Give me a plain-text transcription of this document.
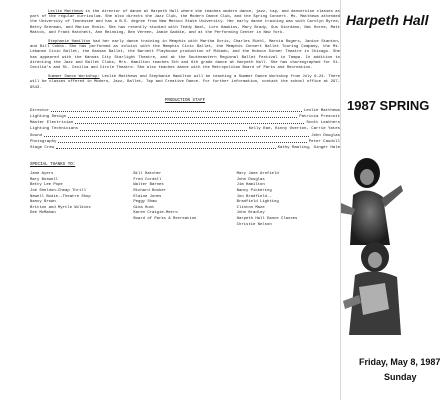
Leslie Matthews is the director of dance at Harpeth Hall where she teaches modern dance, jazz, tap, and dancercise classes as part of the regular curriculum. She also directs the Jazz Club, the Modern Dance Club, and the Spring Concert. Ms. Matthews attended the University of Tennessee and has a B.S. degree from New Mexico State University. Her early dance training was with Carolyn Byrne, Betty Brennan, and Marion Ronis. She has recently studied with Teddy Neal, Lorn Hawkins, Mary Brady, Gus Giordano, Nat Horne, Matt Mattox, and Frank Hatchett, Ann Reinking, Ben Vereen, Jamie Gaddie, and at the Performing Center in New York.

Stephanie Hamilton had her early dance training in Memphis with Martha Doris, Charles Riehl, Marcia Rogers, Janice Stanton, and Bill Cobbs. She has performed as soloist with the Memphis Civic Ballet, the Memphis Concert Ballet Touring Company, the Mt. Lebanon Civic Ballet, the Kansas Ballet, the Barnett Playhouse production of Mikado, and the Hobson Dinner Theatre in Chicago. She has appeared with the Kansas City Starlight Theatre, and at the Southeastern Regional Ballet Festival in Tampa. In addition to directing the Jazz and Ballet Clubs, Mrs. Hamilton teaches 5th and 6th grade dance at Harpeth Hall. She has choreographed for St. Cecilia's and St. Cecilia and Circle Theatre. She also teaches dance with the Metropolitan Board of Parks and Recreation.

Summer Dance Workshop: Leslie Matthews and Stephanie Hamilton will be teaching a Summer Dance Workshop from July 6-24. There will be classes offered in Modern, Jazz, Ballet, Tap and Creative Dance. For further information, contact the school office at 297-9543.

PRODUCTION STAFF
Director	Leslie Matthews
Lighting Design	Patricia Prescott
Master Electrician	Scott Leathers
Lighting Technicians	Kelly Rae, Kinny Overton, Carrie Yates
Sound	John Douglas
Photography	Peter Caudill
Stage Crew	Kathy Rawling, Ginger Hale
SPECIAL THANKS TO:
Jane Ayers
Mary Boswell
Betty Lee Pope
Joe Sheldon-Cheap Thrill
Newell Bodie--Theatre Shop
Nancy Brown
Britton and Myrtle Wilkins
Dee McMahan
Bill Hatcher
Fred Cordell
Walter Barnes
Richard Booker
Elaine Jones
Peggy Shaw
Gina Hunt
Karen Craigie-Metro
Board of Parks & Recreation
Mary Jane Arnfield
John Douglas
Jim Hamilton
Nancy Pickering
Jon Bradfield--
Bradfield Lighting
Clinton Maze
John Bradley
Harpeth Hall Dance Classes
Christie Nelson
Harpeth Hall
1987 SPRING
Friday, May 8, 1987
Sunday
